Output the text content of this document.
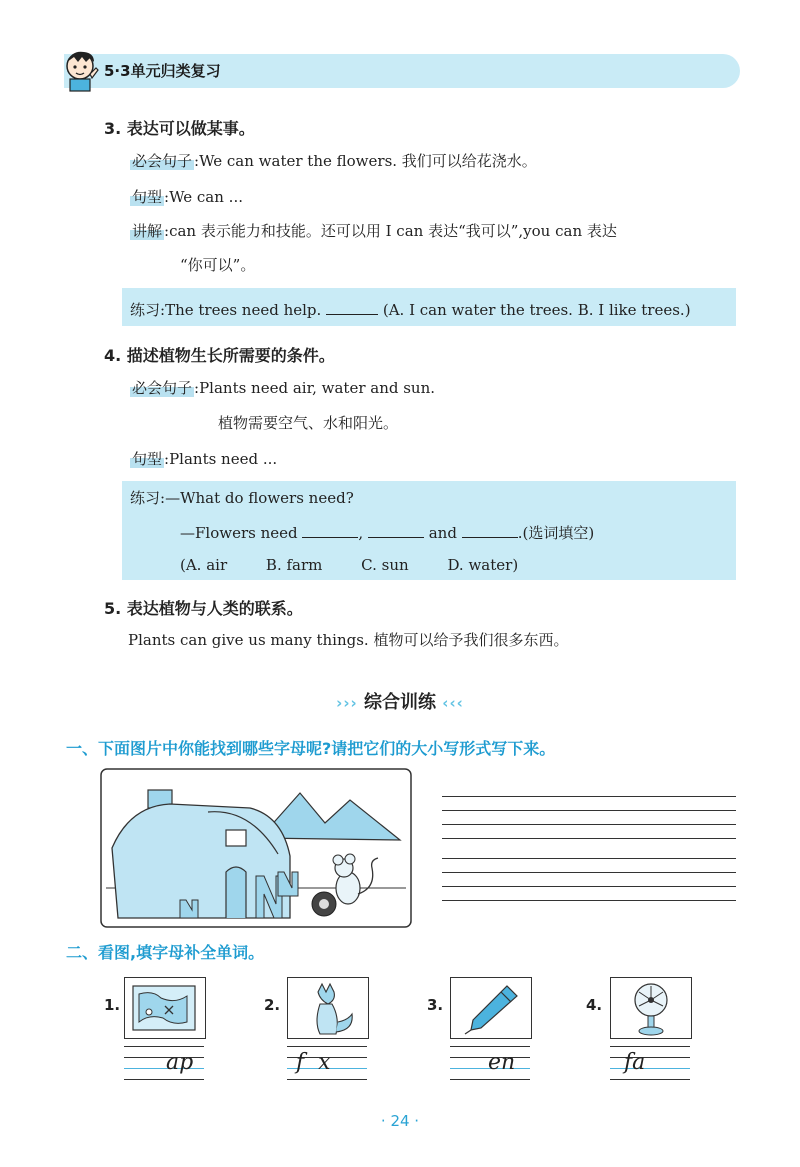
5·3单元归类复习
3. 表达可以做某事。
必会句子 :We can water the flowers. 我们可以给花浇水。
句型 :We can ...
讲解 :can 表示能力和技能。还可以用 I can 表达“我可以”,you can 表达
“你可以”。
练习:The trees need help.	(A. I can water the trees. B. I like trees.)
4. 描述植物生长所需要的条件。
必会句子 :Plants need air, water and sun.
植物需要空气、水和阳光。
句型 :Plants need ...
练习:—What do flowers need?
—Flowers need	,	and	.(选词填空)
(A. air	B. farm	C. sun	D. water)
5. 表达植物与人类的联系。
Plants can give us many things. 植物可以给予我们很多东西。
››› 综合训练 ‹‹‹
一、下面图片中你能找到哪些字母呢?请把它们的大小写形式写下来。
二、看图,填字母补全单词。
1.
ap
2.
f  x
3.
en
4.
fa
· 24 ·
